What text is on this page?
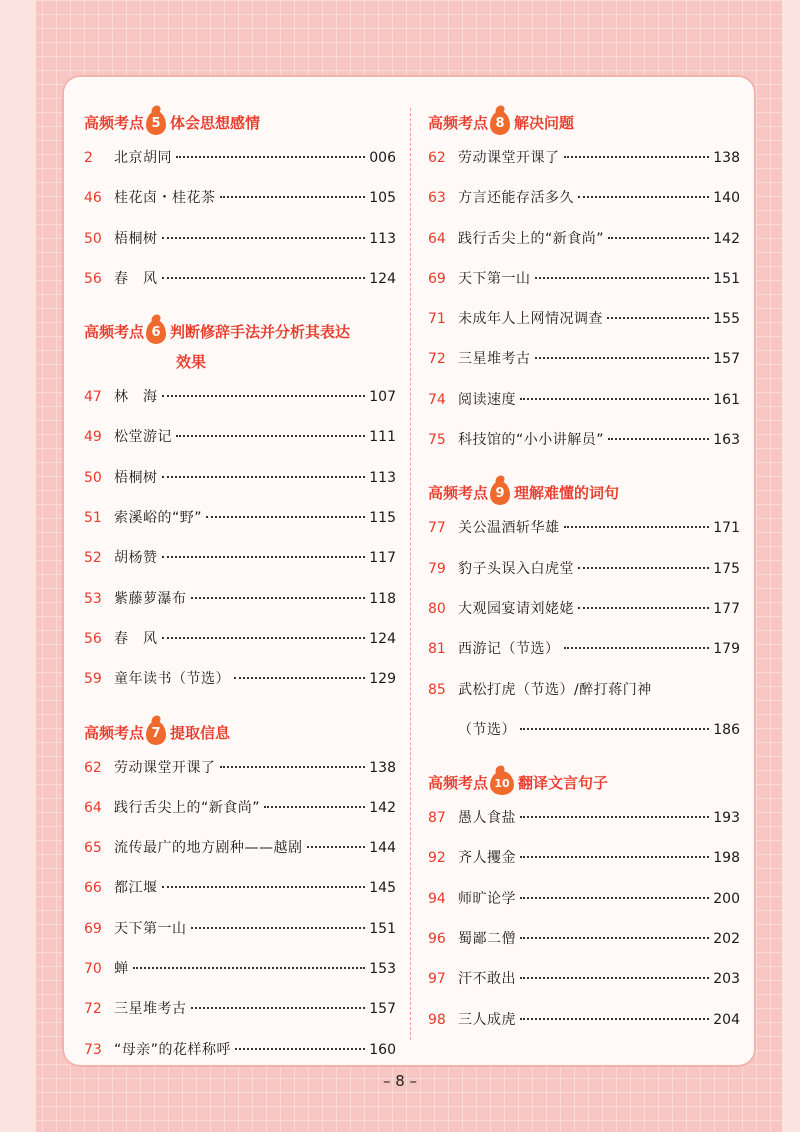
高频考点 5 体会思想感情
2	北京胡同	006
46 桂花卤・桂花茶	105
50 梧桐树	113
56 春　风	124
高频考点 6 判断修辞手法并分析其表达
效果
47 林　海	107
49 松堂游记	111
50 梧桐树	113
51 索溪峪的“野”	115
52 胡杨赞	117
53 紫藤萝瀑布	118
56 春　风	124
59 童年读书（节选）	129
高频考点 7 提取信息
62 劳动课堂开课了	138
64 践行舌尖上的“新食尚”	142
65 流传最广的地方剧种——越剧	144
66 都江堰	145
69 天下第一山	151
70 蝉	153
72 三星堆考古	157
73 “母亲”的花样称呼	160
高频考点 8 解决问题
62 劳动课堂开课了	138
63 方言还能存活多久	140
64 践行舌尖上的“新食尚”	142
69 天下第一山	151
71 未成年人上网情况调查	155
72 三星堆考古	157
74 阅读速度	161
75 科技馆的“小小讲解员”	163
高频考点 9 理解难懂的词句
77 关公温酒斩华雄	171
79 豹子头误入白虎堂	175
80 大观园宴请刘姥姥	177
81 西游记（节选）	179
85 武松打虎（节选）/醉打蒋门神
（节选）	186
高频考点 10 翻译文言句子
87 愚人食盐	193
92 齐人攫金	198
94 师旷论学	200
96 蜀鄙二僧	202
97 汗不敢出	203
98 三人成虎	204
– 8 –
